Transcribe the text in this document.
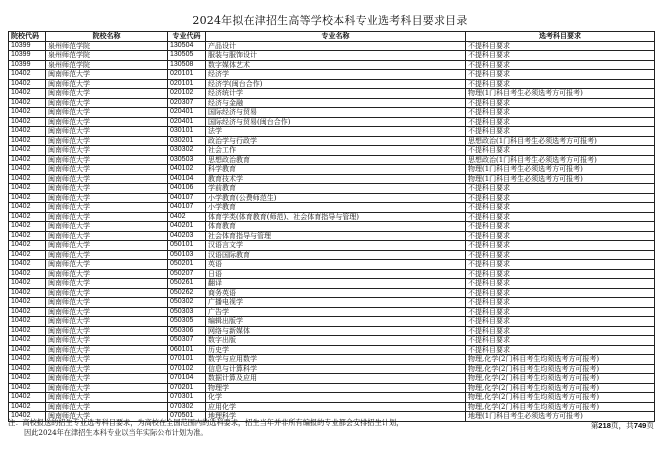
2024年拟在津招生高等学校本科专业选考科目要求目录
院校代码	院校名称	专业代码	专业名称	选考科目要求
10399	泉州师范学院	130504	产品设计	不提科目要求
10399	泉州师范学院	130505	服装与服饰设计	不提科目要求
10399	泉州师范学院	130508	数字媒体艺术	不提科目要求
10402	闽南师范大学	020101	经济学	不提科目要求
10402	闽南师范大学	020101	经济学(闽台合作)	不提科目要求
10402	闽南师范大学	020102	经济统计学	物理(1门科目考生必须选考方可报考)
10402	闽南师范大学	020307	经济与金融	不提科目要求
10402	闽南师范大学	020401	国际经济与贸易	不提科目要求
10402	闽南师范大学	020401	国际经济与贸易(闽台合作)	不提科目要求
10402	闽南师范大学	030101	法学	不提科目要求
10402	闽南师范大学	030201	政治学与行政学	思想政治(1门科目考生必须选考方可报考)
10402	闽南师范大学	030302	社会工作	不提科目要求
10402	闽南师范大学	030503	思想政治教育	思想政治(1门科目考生必须选考方可报考)
10402	闽南师范大学	040102	科学教育	物理(1门科目考生必须选考方可报考)
10402	闽南师范大学	040104	教育技术学	物理(1门科目考生必须选考方可报考)
10402	闽南师范大学	040106	学前教育	不提科目要求
10402	闽南师范大学	040107	小学教育(公费师范生)	不提科目要求
10402	闽南师范大学	040107	小学教育	不提科目要求
10402	闽南师范大学	0402	体育学类(体育教育(师范)、社会体育指导与管理)	不提科目要求
10402	闽南师范大学	040201	体育教育	不提科目要求
10402	闽南师范大学	040203	社会体育指导与管理	不提科目要求
10402	闽南师范大学	050101	汉语言文学	不提科目要求
10402	闽南师范大学	050103	汉语国际教育	不提科目要求
10402	闽南师范大学	050201	英语	不提科目要求
10402	闽南师范大学	050207	日语	不提科目要求
10402	闽南师范大学	050261	翻译	不提科目要求
10402	闽南师范大学	050262	商务英语	不提科目要求
10402	闽南师范大学	050302	广播电视学	不提科目要求
10402	闽南师范大学	050303	广告学	不提科目要求
10402	闽南师范大学	050305	编辑出版学	不提科目要求
10402	闽南师范大学	050306	网络与新媒体	不提科目要求
10402	闽南师范大学	050307	数字出版	不提科目要求
10402	闽南师范大学	060101	历史学	不提科目要求
10402	闽南师范大学	070101	数学与应用数学	物理,化学(2门科目考生均须选考方可报考)
10402	闽南师范大学	070102	信息与计算科学	物理,化学(2门科目考生均须选考方可报考)
10402	闽南师范大学	070104	数据计算及应用	物理,化学(2门科目考生均须选考方可报考)
10402	闽南师范大学	070201	物理学	物理,化学(2门科目考生均须选考方可报考)
10402	闽南师范大学	070301	化学	物理,化学(2门科目考生均须选考方可报考)
10402	闽南师范大学	070302	应用化学	物理,化学(2门科目考生均须选考方可报考)
10402	闽南师范大学	070501	地理科学	地理(1门科目考生必须选考方可报考)
注：高校报送的招生专业选考科目要求，为高校在全国范围内的选科要求，招生当年并非所有编报的专业都会安排招生计划，
因此2024年在津招生本科专业以当年实际公布计划为准。
第218页，共749页
